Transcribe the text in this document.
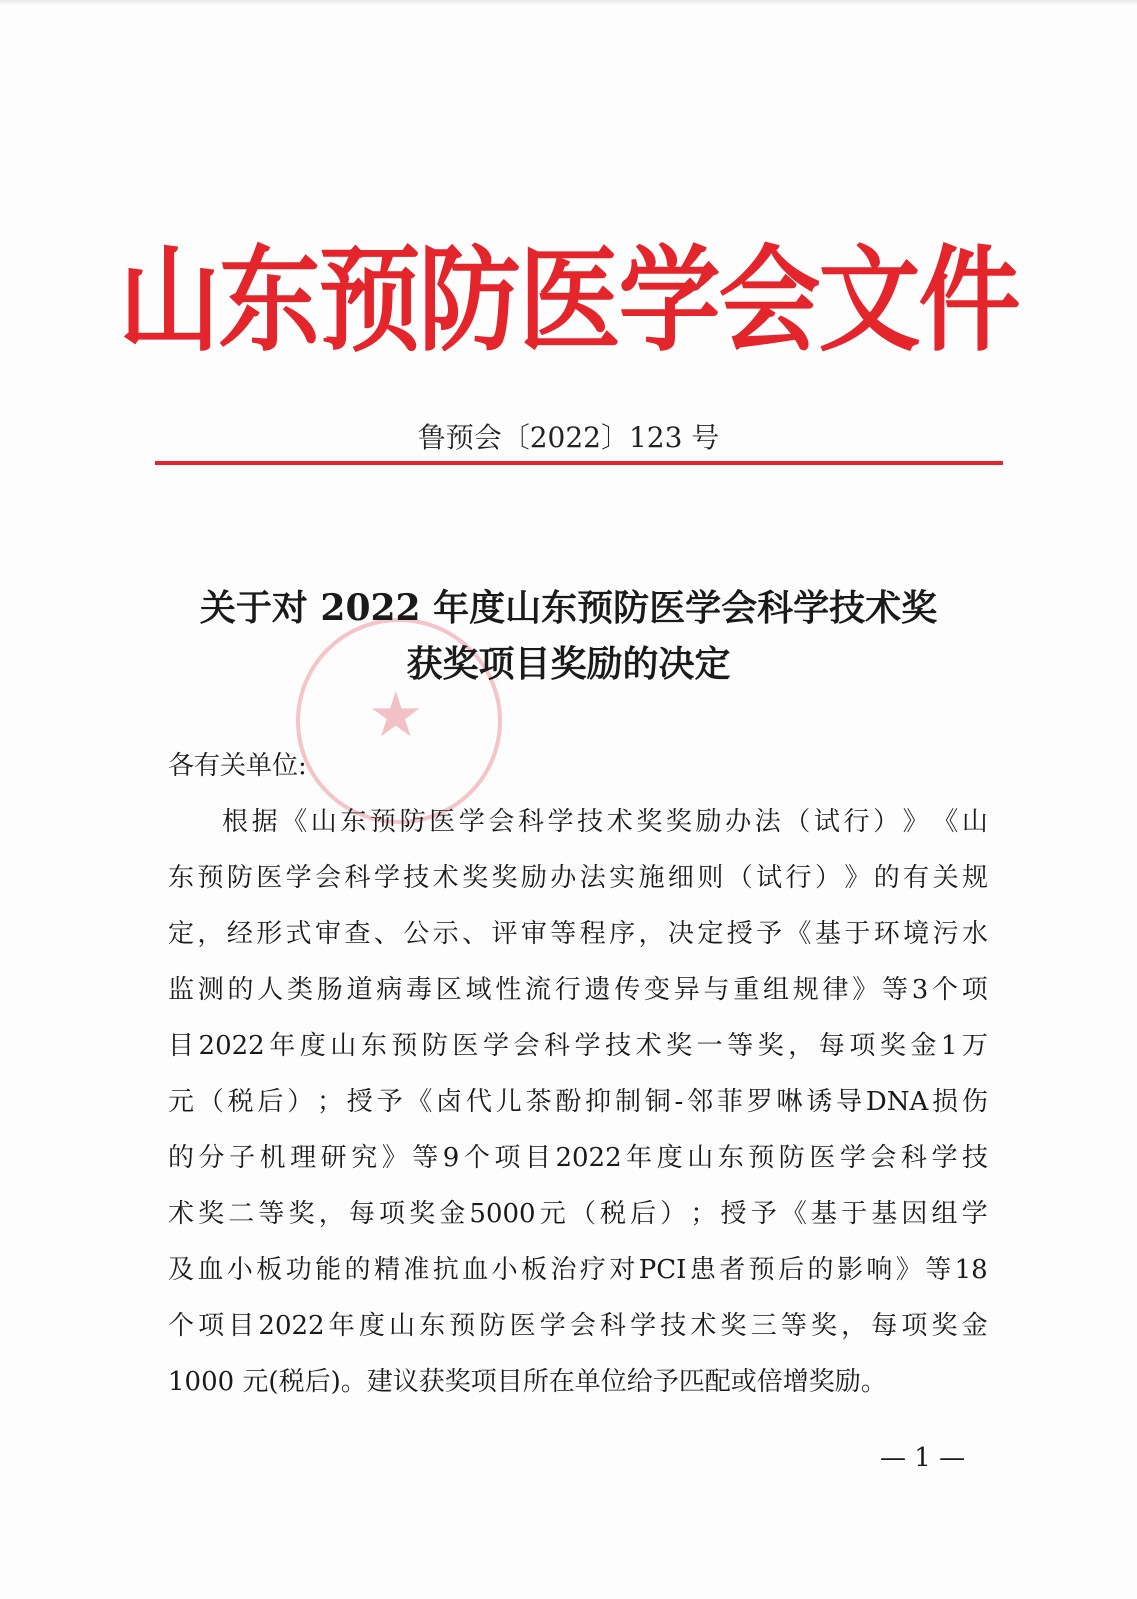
山东预防医学会文件
鲁预会〔2022〕123 号
★
关于对 2022 年度山东预防医学会科学技术奖
获奖项目奖励的决定
各有关单位:
根 据 《 山 东 预 防 医 学 会 科 学 技 术 奖 奖 励 办 法 （ 试 行 ） 》 《 山
东 预 防 医 学 会 科 学 技 术 奖 奖 励 办 法 实 施 细 则 （ 试 行 ） 》 的 有 关 规
定 ， 经 形 式 审 查 、 公 示 、 评 审 等 程 序 ， 决 定 授 予 《 基 于 环 境 污 水
监 测 的 人 类 肠 道 病 毒 区 域 性 流 行 遗 传 变 异 与 重 组 规 律 》 等 3 个 项
目 2022 年 度 山 东 预 防 医 学 会 科 学 技 术 奖 一 等 奖 ， 每 项 奖 金 1 万
元 （ 税 后 ） ； 授 予 《 卤 代 儿 茶 酚 抑 制 铜 - 邻 菲 罗 啉 诱 导 DNA 损 伤
的 分 子 机 理 研 究 》 等 9 个 项 目 2022 年 度 山 东 预 防 医 学 会 科 学 技
术 奖 二 等 奖 ， 每 项 奖 金 5000 元 （ 税 后 ） ； 授 予 《 基 于 基 因 组 学
及 血 小 板 功 能 的 精 准 抗 血 小 板 治 疗 对 PCI 患 者 预 后 的 影 响 》 等 18
个 项 目 2022 年 度 山 东 预 防 医 学 会 科 学 技 术 奖 三 等 奖 ， 每 项 奖 金
1000 元(税后)。建议获奖项目所在单位给予匹配或倍增奖励。
— 1 —
